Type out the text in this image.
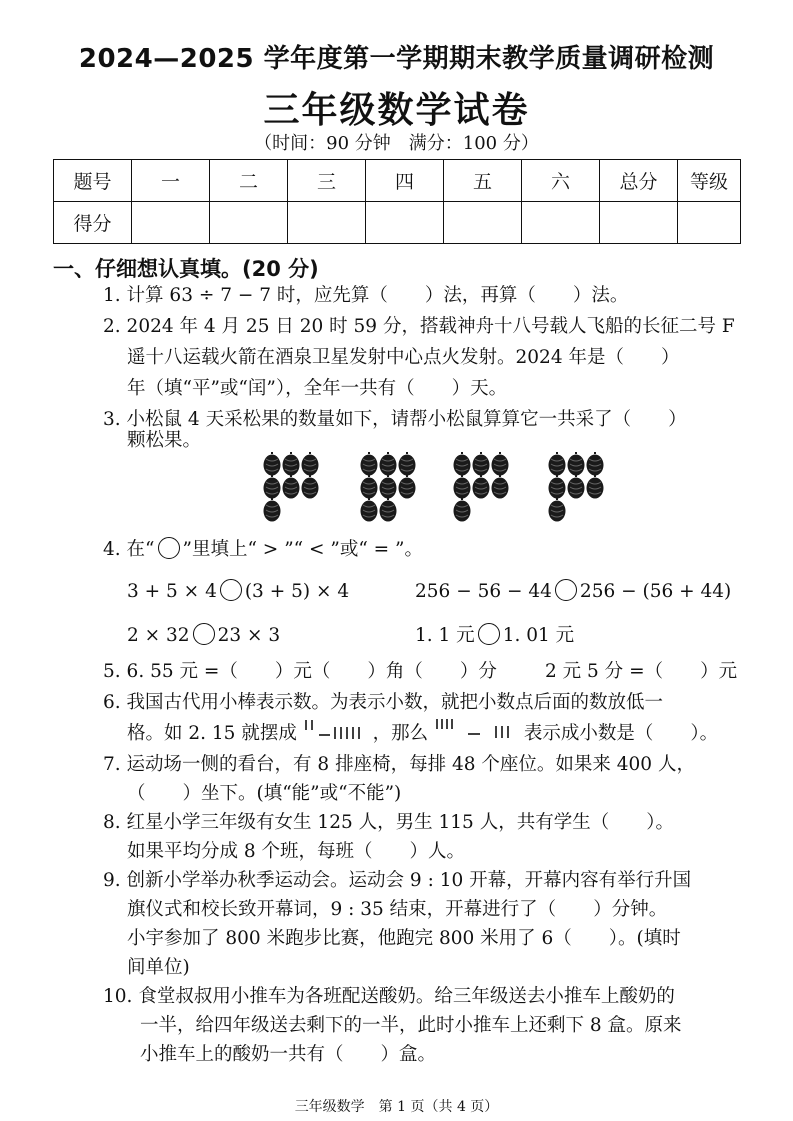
2024—2025 学年度第一学期期末教学质量调研检测
三年级数学试卷
（时间：90 分钟　满分：100 分）
题号	一	二	三	四	五	六	总分	等级
得分								
一、仔细想认真填。(20 分)
1. 计算 63 ÷ 7 − 7 时，应先算（　　）法，再算（　　）法。
2. 2024 年 4 月 25 日 20 时 59 分，搭载神舟十八号载人飞船的长征二号 F
遥十八运载火箭在酒泉卫星发射中心点火发射。2024 年是（　　）
年（填“平”或“闰”），全年一共有（　　）天。
3. 小松鼠 4 天采松果的数量如下，请帮小松鼠算算它一共采了（　　）
颗松果。
4. 在“ ”里填上“ > ”“ < ”或“ = ”。
3 + 5 × 4 (3 + 5) × 4	256 − 56 − 44 256 − (56 + 44)
2 × 32 23 × 3	1. 1 元 1. 01 元
5. 6. 55 元 =（　　）元（　　）角（　　）分	2 元 5 分 =（　　）元
6. 我国古代用小棒表示数。为表示小数，就把小数点后面的数放低一
格。如 2. 15 就摆成	，那么	表示成小数是（　　）。
7. 运动场一侧的看台，有 8 排座椅，每排 48 个座位。如果来 400 人，
（　　）坐下。(填“能”或“不能”)
8. 红星小学三年级有女生 125 人，男生 115 人，共有学生（　　）。
如果平均分成 8 个班，每班（　　）人。
9. 创新小学举办秋季运动会。运动会 9 : 10 开幕，开幕内容有举行升国
旗仪式和校长致开幕词，9 : 35 结束，开幕进行了（　　）分钟。
小宇参加了 800 米跑步比赛，他跑完 800 米用了 6（　　）。(填时
间单位)
10. 食堂叔叔用小推车为各班配送酸奶。给三年级送去小推车上酸奶的
一半，给四年级送去剩下的一半，此时小推车上还剩下 8 盒。原来
小推车上的酸奶一共有（　　）盒。
三年级数学　第 1 页（共 4 页）
